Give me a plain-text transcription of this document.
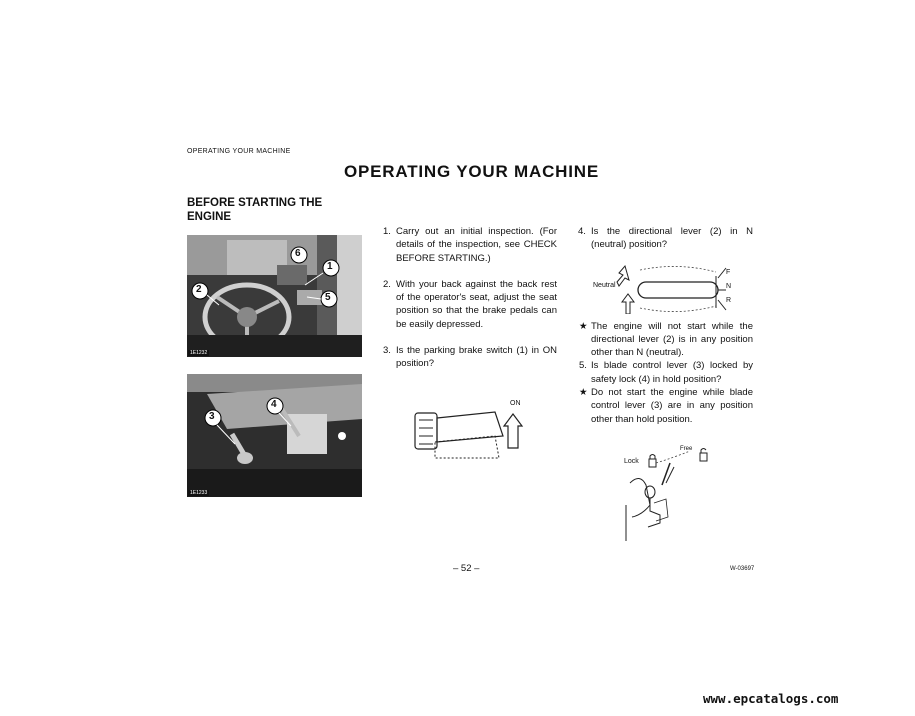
OPERATING YOUR MACHINE
OPERATING YOUR MACHINE
BEFORE STARTING THE
ENGINE
6
1
2
5
1E1232
3
4
1E1233
1. Carry out an initial inspection. (For details of the inspection, see CHECK BEFORE STARTING.)
2. With your back against the back rest of the operator's seat, adjust the seat position so that the brake pedals can be easily depressed.
3. Is the parking brake switch (1) in ON position?
ON
4. Is the directional lever (2) in N (neutral) position?
Neutral
F
N
R
★ The engine will not start while the directional lever (2) is in any position other than N (neutral).
5. Is blade control lever (3) locked by safety lock (4) in hold position?
★ Do not start the engine while blade control lever (3) are in any position other than hold position.
Lock
Free
– 52 –	W-03697
www.epcatalogs.com
